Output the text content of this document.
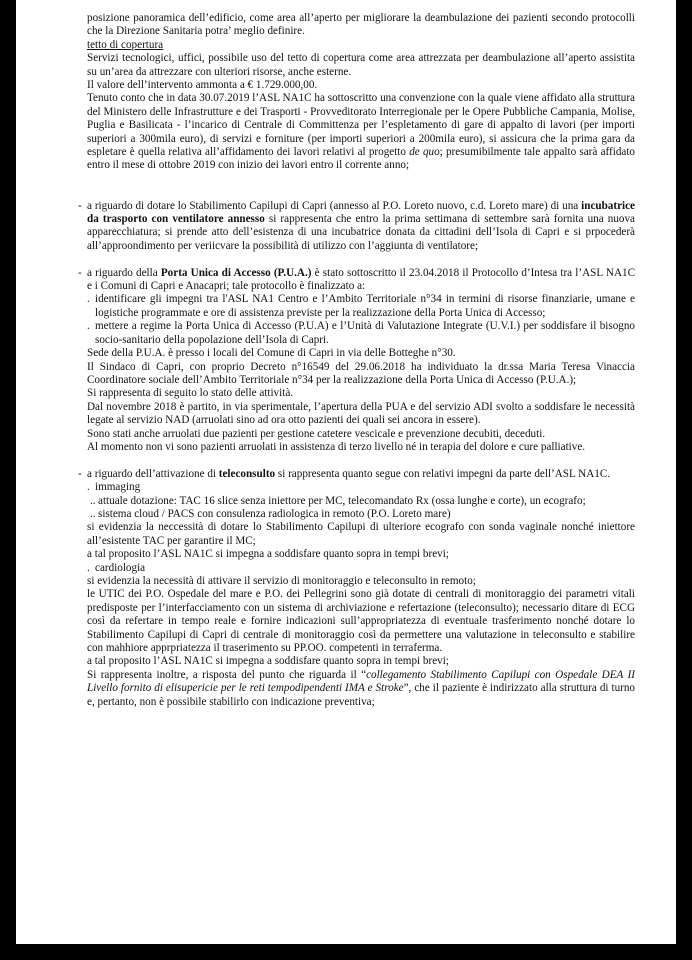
posizione panoramica dell’edificio, come area all’aperto per migliorare la deambulazione dei pazienti secondo protocolli che la Direzione Sanitaria potra’ meglio definire.

tetto di copertura

Servizi tecnologici, uffici, possibile uso del tetto di copertura come area attrezzata per deambulazione all’aperto assistita su un’area da attrezzare con ulteriori risorse, anche esterne.

Il valore dell’intervento ammonta a € 1.729.000,00.

Tenuto conto che in data 30.07.2019 l’ASL NA1C ha sottoscritto una convenzione con la quale viene affidato alla struttura del Ministero delle Infrastrutture e dei Trasporti - Provveditorato Interregionale per le Opere Pubbliche Campania, Molise, Puglia e Basilicata - l’incarico di Centrale di Committenza per l’espletamento di gare di appalto di lavori (per importi superiori a 300mila euro), di servizi e forniture (per importi superiori a 200mila euro), si assicura che la prima gara da espletare è quella relativa all’affidamento dei lavori relativi al progetto de quo; presumibilmente tale appalto sarà affidato entro il mese di ottobre 2019 con inizio dei lavori entro il corrente anno;

- a riguardo di dotare lo Stabilimento Capilupi di Capri (annesso al P.O. Loreto nuovo, c.d. Loreto mare) di una incubatrice da trasporto con ventilatore annesso si rappresenta che entro la prima settimana di settembre sarà fornita una nuova apparecchiatura; si prende atto dell’esistenza di una incubatrice donata da cittadini dell’Isola di Capri e si prpocederà all’approondimento per veriicvare la possibilità di utilizzo con l’aggiunta di ventilatore;

- a riguardo della Porta Unica di Accesso (P.U.A.) è stato sottoscritto il 23.04.2018 il Protocollo d’Intesa tra l’ASL NA1C e i Comuni di Capri e Anacapri; tale protocollo è finalizzato a:

. identificare gli impegni tra l'ASL NA1 Centro e l’Ambito Territoriale n°34 in termini di risorse finanziarie, umane e logistiche programmate e ore di assistenza previste per la realizzazione della Porta Unica di Accesso;

. mettere a regime la Porta Unica di Accesso (P.U.A) e l’Unità di Valutazione Integrate (U.V.I.) per soddisfare il bisogno socio-sanitario della popolazione dell’Isola di Capri.

Sede della P.U.A. è presso i locali del Comune di Capri in via delle Botteghe n°30.

Il Sindaco di Capri, con proprio Decreto n°16549 del 29.06.2018 ha individuato la dr.ssa Maria Teresa Vinaccia Coordinatore sociale dell’Ambito Territoriale n°34 per la realizzazione della Porta Unica di Accesso (P.U.A.);

Si rappresenta di seguito lo stato delle attività.

Dal novembre 2018 è partito, in via sperimentale, l’apertura della PUA e del servizio ADI svolto a soddisfare le necessità legate al servizio NAD (arruolati sino ad ora otto pazienti dei quali sei ancora in essere).

Sono stati anche arruolati due pazienti per gestione catetere vescicale e prevenzione decubiti, deceduti.

Al momento non vi sono pazienti arruolati in assistenza di terzo livello né in terapia del dolore e cure palliative.

- a riguardo dell’attivazione di teleconsulto si rappresenta quanto segue con relativi impegni da parte dell’ASL NA1C.

. immaging

.. attuale dotazione: TAC 16 slice senza iniettore per MC, telecomandato Rx (ossa lunghe e corte), un ecografo;

.. sistema cloud / PACS con consulenza radiologica in remoto (P.O. Loreto mare)

si evidenzia la neccessità di dotare lo Stabilimento Capilupi di ulteriore ecografo con sonda vaginale nonché iniettore all’esistente TAC per garantire il MC;

a tal proposito l’ASL NA1C si impegna a soddisfare quanto sopra in tempi brevi;

. cardiologia

si evidenzia la necessità di attivare il servizio di monitoraggio e teleconsulto in remoto;

le UTIC dei P.O. Ospedale del mare e P.O. dei Pellegrini sono già dotate di centrali di monitoraggio dei parametri vitali predisposte per l’interfacciamento con un sistema di archiviazione e refertazione (teleconsulto); necessario ditare di ECG così da refertare in tempo reale e fornire indicazioni sull’appropriatezza di eventuale trasferimento nonché dotare lo Stabilimento Capilupi di Capri di centrale di monitoraggio così da permettere una valutazione in teleconsulto e stabilire con mahhiore apprpriatezza il traserimento su PP.OO. competenti in terraferma.

a tal proposito l’ASL NA1C si impegna a soddisfare quanto sopra in tempi brevi;

Si rappresenta inoltre, a risposta del punto che riguarda il “collegamento Stabilimento Capilupi con Ospedale DEA II Livello fornito di elisupericie per le reti tempodipendenti IMA e Stroke”, che il paziente è indirizzato alla struttura di turno e, pertanto, non è possibile stabilirlo con indicazione preventiva;
